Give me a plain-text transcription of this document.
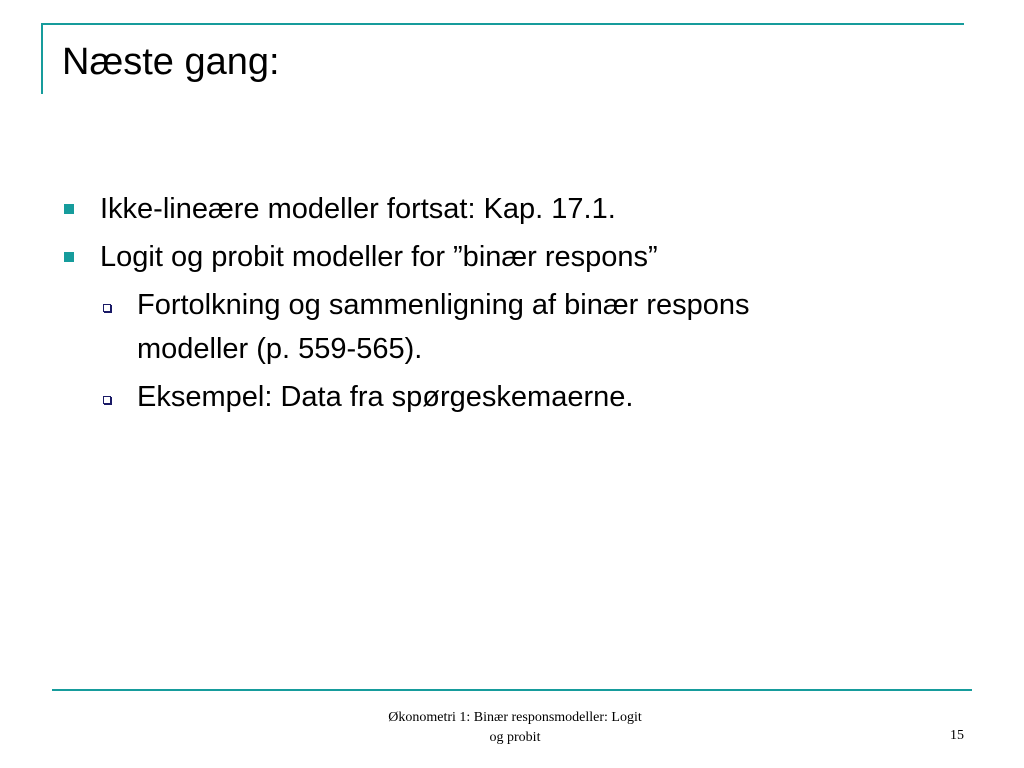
Næste gang:
Ikke-lineære modeller fortsat: Kap. 17.1.
Logit og probit modeller for ”binær respons”
Fortolkning og sammenligning af binær respons
modeller (p. 559-565).
Eksempel: Data fra spørgeskemaerne.
Økonometri 1: Binær responsmodeller: Logit
og probit	15
